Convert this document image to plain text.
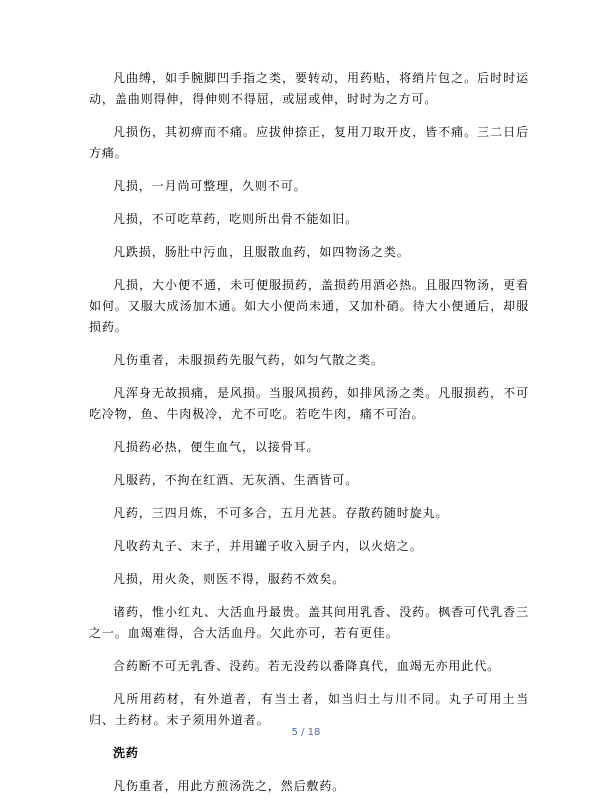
凡曲缚，如手腕脚凹手指之类，要转动，用药贴，将绡片包之。后时时运动，盖曲则得伸，得伸则不得屈，或屈或伸，时时为之方可。

凡损伤，其初痹而不痛。应拔伸捺正，复用刀取开皮，皆不痛。三二日后方痛。

凡损，一月尚可整理，久则不可。

凡损，不可吃草药，吃则所出骨不能如旧。

凡跌损，肠肚中污血，且服散血药，如四物汤之类。

凡损，大小便不通，未可便服损药，盖损药用酒必热。且服四物汤，更看如何。又服大成汤加木通。如大小便尚未通，又加朴硝。待大小便通后，却服损药。

凡伤重者，未服损药先服气药，如匀气散之类。

凡浑身无故损痛，是风损。当服风损药，如排风汤之类。凡服损药，不可吃冷物，鱼、牛肉极冷，尤不可吃。若吃牛肉，痛不可治。

凡损药必热，便生血气，以接骨耳。

凡服药，不拘在红酒、无灰酒、生酒皆可。

凡药，三四月炼，不可多合，五月尤甚。存散药随时旋丸。

凡收药丸子、末子，并用罐子收入厨子内，以火焙之。

凡损，用火灸，则医不得，服药不效矣。

诸药，惟小红丸、大活血丹最贵。盖其间用乳香、没药。枫香可代乳香三之一。血竭难得，合大活血丹。欠此亦可，若有更佳。

合药断不可无乳香、没药。若无没药以番降真代，血竭无亦用此代。

凡所用药材，有外道者，有当土者，如当归土与川不同。丸子可用土当归、土药材。末子须用外道者。

洗药

凡伤重者，用此方煎汤洗之，然后敷药。

5 / 18
